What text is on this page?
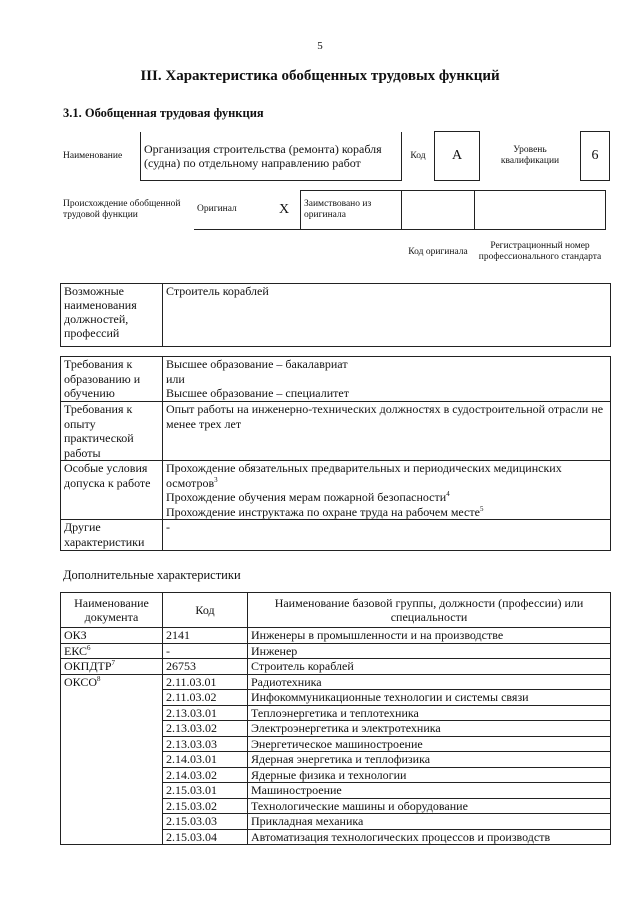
5
III. Характеристика обобщенных трудовых функций
3.1. Обобщенная трудовая функция
Наименование	Организация строительства (ремонта) корабля (судна) по отдельному направлению работ	Код	А	Уровень квалификации	6
Происхождение обобщенной трудовой функции	Оригинал	X	Заимствовано из оригинала		
				Код оригинала	Регистрационный номер профессионального стандарта
Возможные наименования должностей, профессий	Строитель кораблей
Требования к образованию и обучению	Высшее образование – бакалавриат
или
Высшее образование – специалитет

Требования к опыту практической работы	Опыт работы на инженерно-технических должностях в судостроительной отрасли не менее трех лет
Особые условия допуска к работе	Прохождение обязательных предварительных и периодических медицинских осмотров$^3$
Прохождение обучения мерам пожарной безопасности$^4$
Прохождение инструктажа по охране труда на рабочем месте$^5$

Другие характеристики	-
Дополнительные характеристики
Наименование документа	Код	Наименование базовой группы, должности (профессии) или специальности
ОКЗ	2141	Инженеры в промышленности и на производстве
ЕКС$^6$	-	Инженер
ОКПДТР$^7$	26753	Строитель кораблей
ОКСО$^8$	2.11.03.01	Радиотехника
	2.11.03.02	Инфокоммуникационные технологии и системы связи
	2.13.03.01	Теплоэнергетика и теплотехника
	2.13.03.02	Электроэнергетика и электротехника
	2.13.03.03	Энергетическое машиностроение
	2.14.03.01	Ядерная энергетика и теплофизика
	2.14.03.02	Ядерные физика и технологии
	2.15.03.01	Машиностроение
	2.15.03.02	Технологические машины и оборудование
	2.15.03.03	Прикладная механика
	2.15.03.04	Автоматизация технологических процессов и производств
